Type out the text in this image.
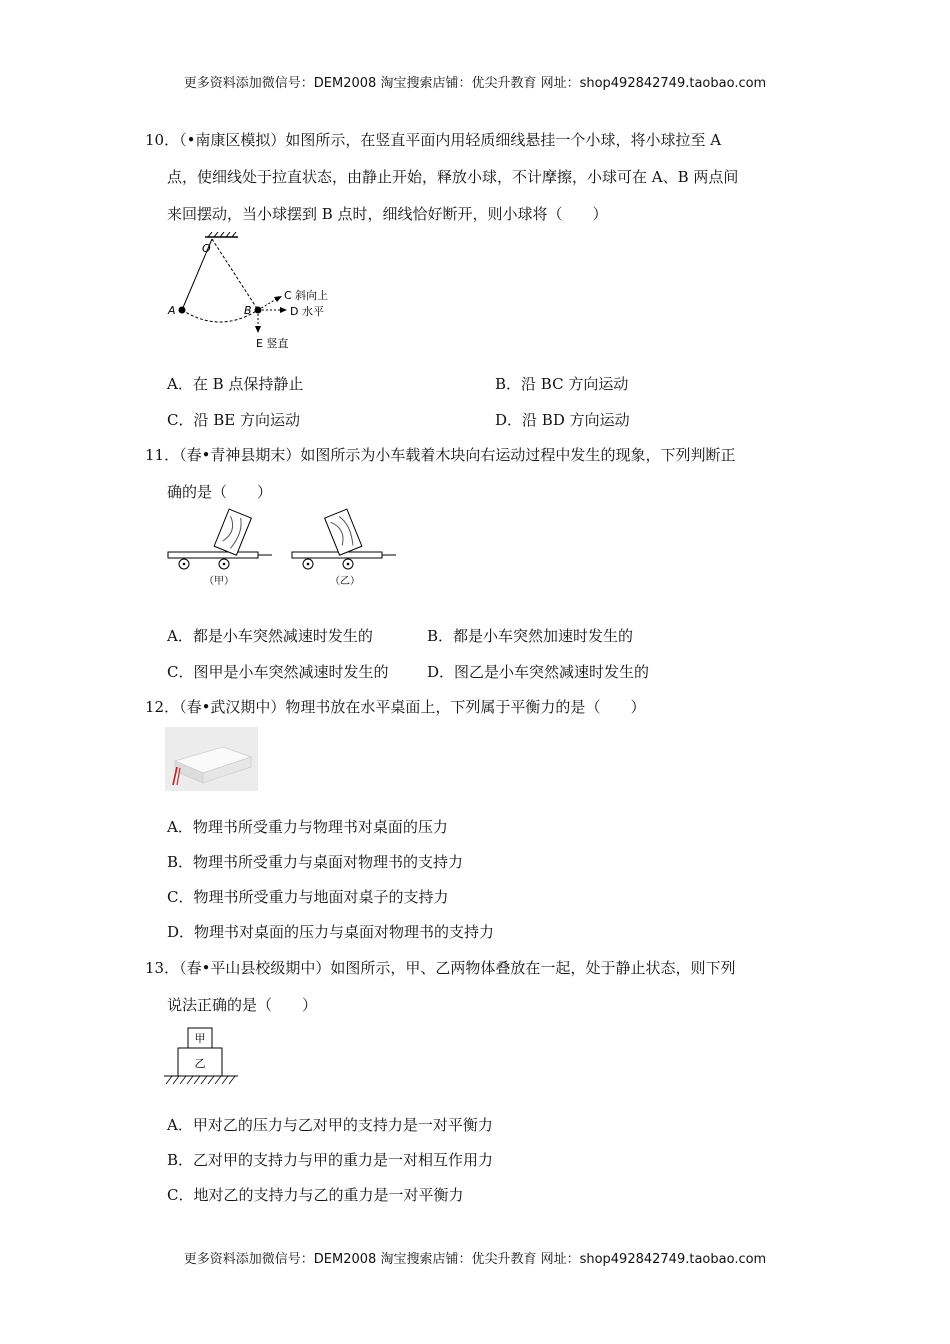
更多资料添加微信号：DEM2008 淘宝搜索店铺：优尖升教育 网址：shop492842749.taobao.com
10．（•南康区模拟）如图所示，在竖直平面内用轻质细线悬挂一个小球，将小球拉至 A
点，使细线处于拉直状态，由静止开始，释放小球，不计摩擦，小球可在 A、B 两点间
来回摆动，当小球摆到 B 点时，细线恰好断开，则小球将（　　）
O
A	B
C 斜向上
D 水平
E 竖直
A．在 B 点保持静止	B．沿 BC 方向运动
C．沿 BE 方向运动	D．沿 BD 方向运动
11．（春•青神县期末）如图所示为小车载着木块向右运动过程中发生的现象，下列判断正
确的是（　　）
（甲）	（乙）
A．都是小车突然减速时发生的	B．都是小车突然加速时发生的
C．图甲是小车突然减速时发生的	D．图乙是小车突然减速时发生的
12．（春•武汉期中）物理书放在水平桌面上，下列属于平衡力的是（　　）
A．物理书所受重力与物理书对桌面的压力
B．物理书所受重力与桌面对物理书的支持力
C．物理书所受重力与地面对桌子的支持力
D．物理书对桌面的压力与桌面对物理书的支持力
13．（春•平山县校级期中）如图所示，甲、乙两物体叠放在一起，处于静止状态，则下列
说法正确的是（　　）
甲
乙
A．甲对乙的压力与乙对甲的支持力是一对平衡力
B．乙对甲的支持力与甲的重力是一对相互作用力
C．地对乙的支持力与乙的重力是一对平衡力
更多资料添加微信号：DEM2008 淘宝搜索店铺：优尖升教育 网址：shop492842749.taobao.com
